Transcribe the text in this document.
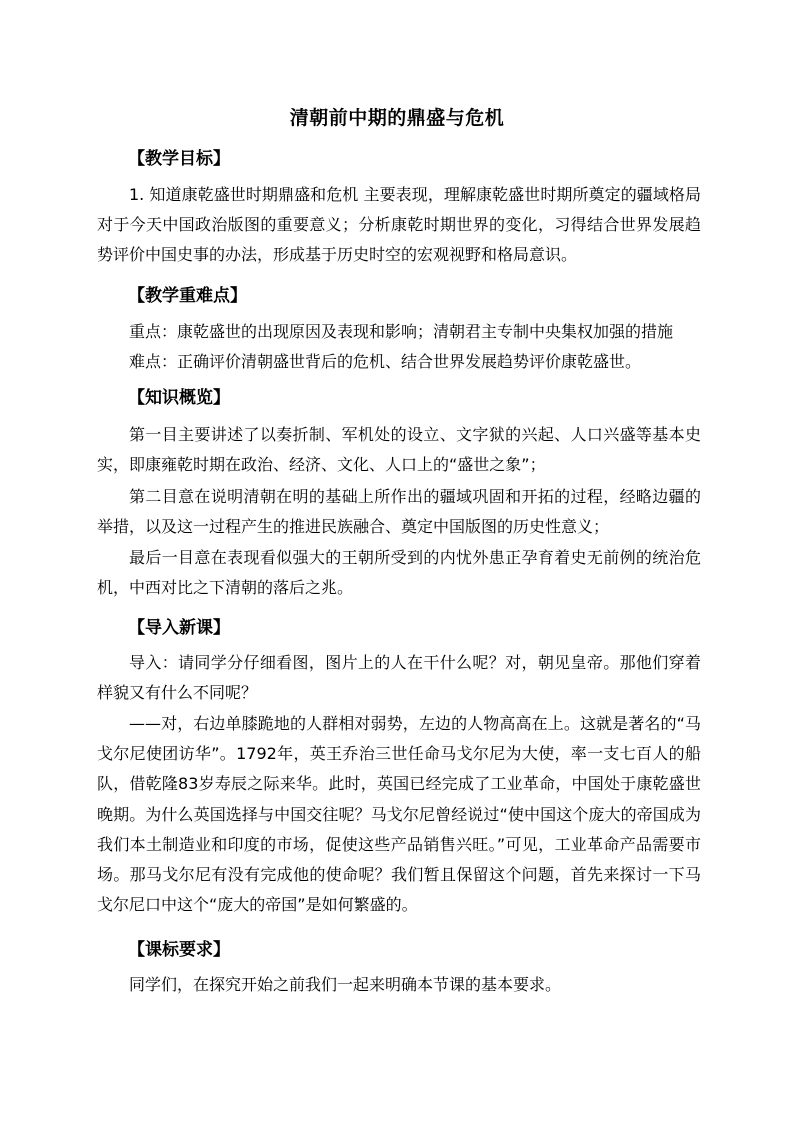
清朝前中期的鼎盛与危机
【教学目标】
1. 知道康乾盛世时期鼎盛和危机 主要表现，理解康乾盛世时期所奠定的疆域格局对于今天中国政治版图的重要意义；分析康乾时期世界的变化，习得结合世界发展趋势评价中国史事的办法，形成基于历史时空的宏观视野和格局意识。
【教学重难点】
重点：康乾盛世的出现原因及表现和影响；清朝君主专制中央集权加强的措施
难点：正确评价清朝盛世背后的危机、结合世界发展趋势评价康乾盛世。
【知识概览】
第一目主要讲述了以奏折制、军机处的设立、文字狱的兴起、人口兴盛等基本史实，即康雍乾时期在政治、经济、文化、人口上的“盛世之象”；
第二目意在说明清朝在明的基础上所作出的疆域巩固和开拓的过程，经略边疆的举措，以及这一过程产生的推进民族融合、奠定中国版图的历史性意义；
最后一目意在表现看似强大的王朝所受到的内忧外患正孕育着史无前例的统治危机，中西对比之下清朝的落后之兆。
【导入新课】
导入：请同学分仔细看图，图片上的人在干什么呢？对，朝见皇帝。那他们穿着样貌又有什么不同呢？
——对，右边单膝跪地的人群相对弱势，左边的人物高高在上。这就是著名的“马戈尔尼使团访华”。1792年，英王乔治三世任命马戈尔尼为大使，率一支七百人的船队，借乾隆83岁寿辰之际来华。此时，英国已经完成了工业革命，中国处于康乾盛世晚期。为什么英国选择与中国交往呢？马戈尔尼曾经说过“使中国这个庞大的帝国成为我们本土制造业和印度的市场，促使这些产品销售兴旺。”可见，工业革命产品需要市场。那马戈尔尼有没有完成他的使命呢？我们暂且保留这个问题，首先来探讨一下马戈尔尼口中这个“庞大的帝国”是如何繁盛的。
【课标要求】
同学们，在探究开始之前我们一起来明确本节课的基本要求。
